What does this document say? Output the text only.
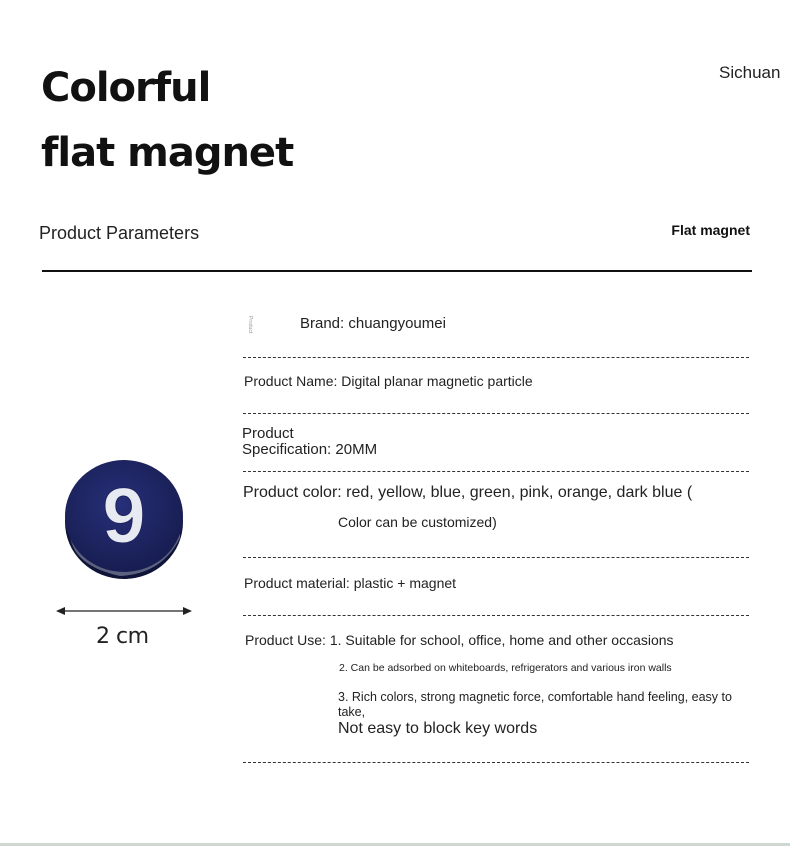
Colorful
flat magnet
Sichuan
Product Parameters	Flat magnet
9
2 cm
Product	Brand: chuangyoumei
Product Name: Digital planar magnetic particle
Product
Specification: 20MM
Product color: red, yellow, blue, green, pink, orange, dark blue (
Color can be customized)
Product material: plastic + magnet
Product Use: 1. Suitable for school, office, home and other occasions
2. Can be adsorbed on whiteboards, refrigerators and various iron walls
3. Rich colors, strong magnetic force, comfortable hand feeling, easy to
take,
Not easy to block key words
